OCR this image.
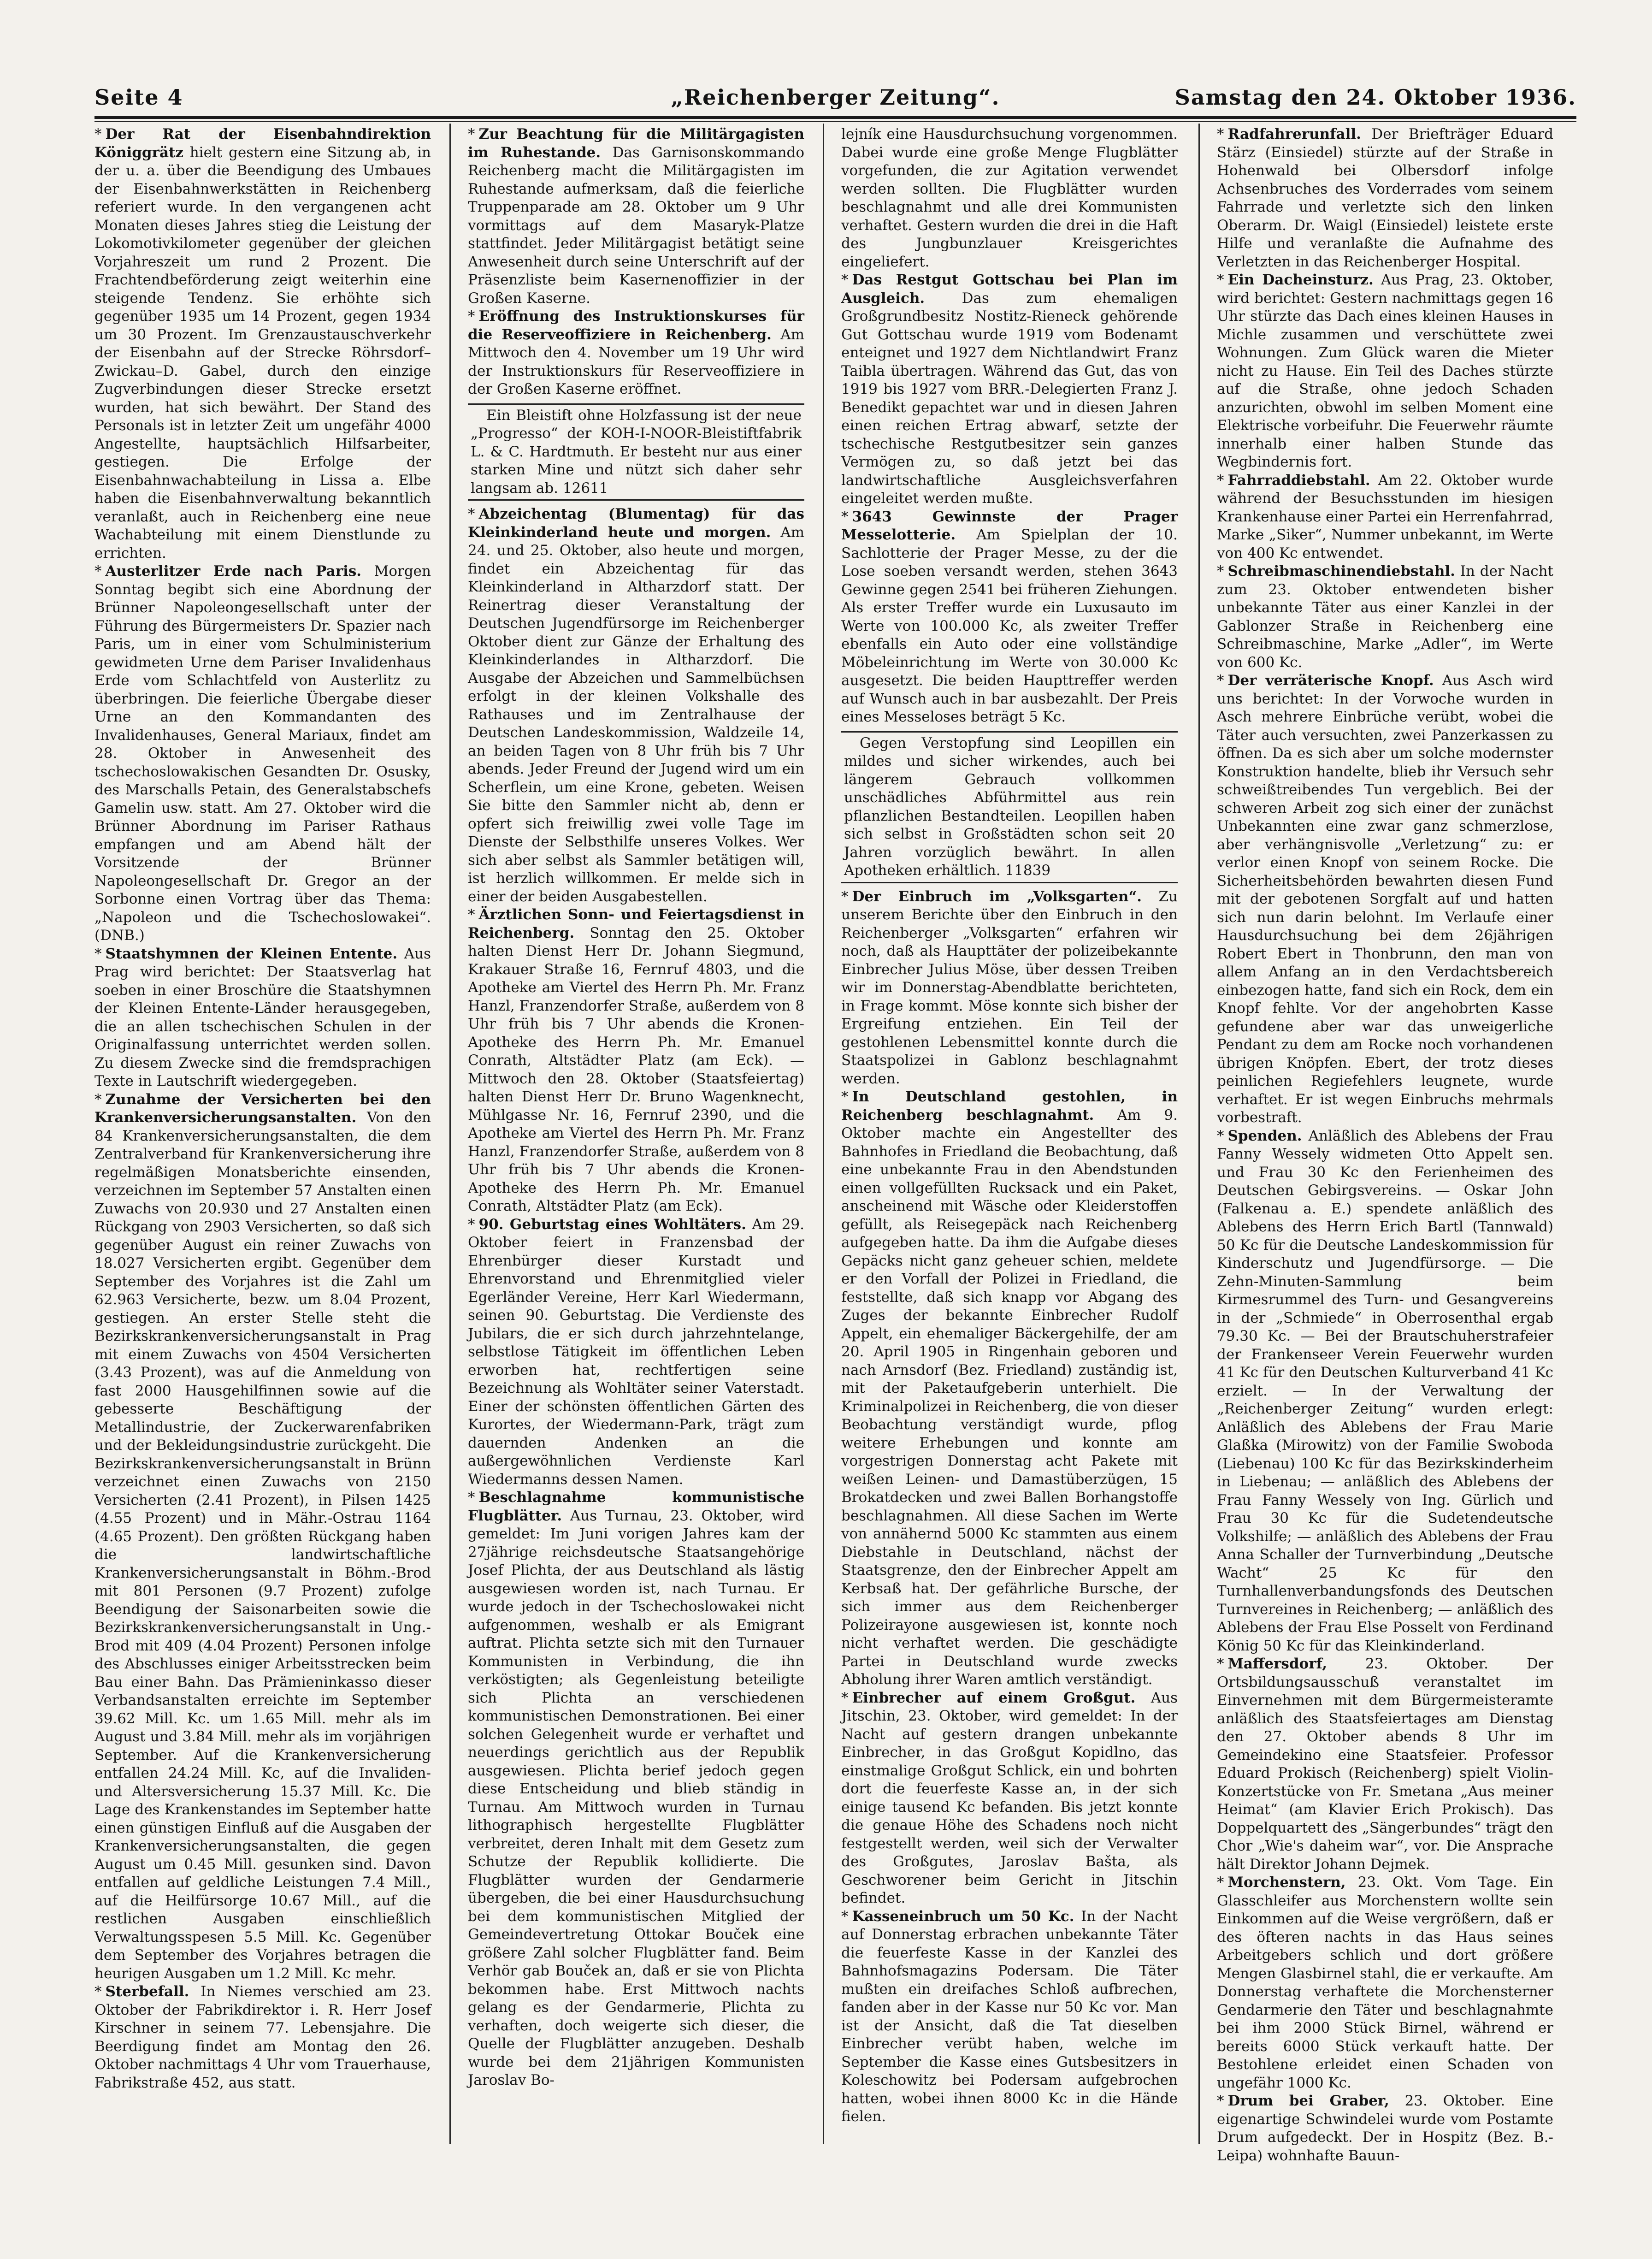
Seite 4	„Reichenberger Zeitung“.	Samstag den 24. Oktober 1936.

* Der Rat der Eisenbahndirektion Königgrätz hielt gestern eine Sitzung ab, in der u. a. über die Beendigung des Umbaues der Eisenbahnwerkstätten in Reichenberg referiert wurde. In den vergangenen acht Monaten dieses Jahres stieg die Leistung der Lokomotivkilometer gegenüber der gleichen Vorjahreszeit um rund 2 Prozent. Die Frachtendbeförderung zeigt weiterhin eine steigende Tendenz. Sie erhöhte sich gegenüber 1935 um 14 Prozent, gegen 1934 um 30 Prozent. Im Grenzaustauschverkehr der Eisenbahn auf der Strecke Röhrsdorf–Zwickau–D. Gabel, durch den einzige Zugverbindungen dieser Strecke ersetzt wurden, hat sich bewährt. Der Stand des Personals ist in letzter Zeit um ungefähr 4000 Angestellte, hauptsächlich Hilfsarbeiter, gestiegen. Die Erfolge der Eisenbahnwachabteilung in Lissa a. Elbe haben die Eisenbahnverwaltung bekanntlich veranlaßt, auch in Reichenberg eine neue Wachabteilung mit einem Dienstlunde zu errichten.

* Austerlitzer Erde nach Paris. Morgen Sonntag begibt sich eine Abordnung der Brünner Napoleongesellschaft unter der Führung des Bürgermeisters Dr. Spazier nach Paris, um in einer vom Schulministerium gewidmeten Urne dem Pariser Invalidenhaus Erde vom Schlachtfeld von Austerlitz zu überbringen. Die feierliche Übergabe dieser Urne an den Kommandanten des Invalidenhauses, General Mariaux, findet am 28. Oktober in Anwesenheit des tschechoslowakischen Gesandten Dr. Osusky, des Marschalls Petain, des Generalstabschefs Gamelin usw. statt. Am 27. Oktober wird die Brünner Abordnung im Pariser Rathaus empfangen und am Abend hält der Vorsitzende der Brünner Napoleongesellschaft Dr. Gregor an der Sorbonne einen Vortrag über das Thema: „Napoleon und die Tschechoslowakei“. (DNB.)

* Staatshymnen der Kleinen Entente. Aus Prag wird berichtet: Der Staatsverlag hat soeben in einer Broschüre die Staatshymnen der Kleinen Entente-Länder herausgegeben, die an allen tschechischen Schulen in der Originalfassung unterrichtet werden sollen. Zu diesem Zwecke sind die fremdsprachigen Texte in Lautschrift wiedergegeben.

* Zunahme der Versicherten bei den Krankenversicherungsanstalten. Von den 84 Krankenversicherungsanstalten, die dem Zentralverband für Krankenversicherung ihre regelmäßigen Monatsberichte einsenden, verzeichnen im September 57 Anstalten einen Zuwachs von 20.930 und 27 Anstalten einen Rückgang von 2903 Versicherten, so daß sich gegenüber August ein reiner Zuwachs von 18.027 Versicherten ergibt. Gegenüber dem September des Vorjahres ist die Zahl um 62.963 Versicherte, bezw. um 8.04 Prozent, gestiegen. An erster Stelle steht die Bezirkskrankenversicherungsanstalt in Prag mit einem Zuwachs von 4504 Versicherten (3.43 Prozent), was auf die Anmeldung von fast 2000 Hausgehilfinnen sowie auf die gebesserte Beschäftigung der Metallindustrie, der Zuckerwarenfabriken und der Bekleidungsindustrie zurückgeht. Die Bezirkskrankenversicherungsanstalt in Brünn verzeichnet einen Zuwachs von 2150 Versicherten (2.41 Prozent), in Pilsen 1425 (4.55 Prozent) und in Mähr.-Ostrau 1164 (4.65 Prozent). Den größten Rückgang haben die landwirtschaftliche Krankenversicherungsanstalt in Böhm.-Brod mit 801 Personen (9.7 Prozent) zufolge Beendigung der Saisonarbeiten sowie die Bezirkskrankenversicherungsanstalt in Ung.-Brod mit 409 (4.04 Prozent) Personen infolge des Abschlusses einiger Arbeitsstrecken beim Bau einer Bahn. Das Prämieninkasso dieser Verbandsanstalten erreichte im September 39.62 Mill. Kc. um 1.65 Mill. mehr als im August und 3.84 Mill. mehr als im vorjährigen September. Auf die Krankenversicherung entfallen 24.24 Mill. Kc, auf die Invaliden- und Altersversicherung 15.37 Mill. Kc. Die Lage des Krankenstandes im September hatte einen günstigen Einfluß auf die Ausgaben der Krankenversicherungsanstalten, die gegen August um 0.45 Mill. gesunken sind. Davon entfallen auf geldliche Leistungen 7.4 Mill., auf die Heilfürsorge 10.67 Mill., auf die restlichen Ausgaben einschließlich Verwaltungsspesen 5.5 Mill. Kc. Gegenüber dem September des Vorjahres betragen die heurigen Ausgaben um 1.2 Mill. Kc mehr.

* Sterbefall. In Niemes verschied am 23. Oktober der Fabrikdirektor i. R. Herr Josef Kirschner in seinem 77. Lebensjahre. Die Beerdigung findet am Montag den 26. Oktober nachmittags 4 Uhr vom Trauerhause, Fabrikstraße 452, aus statt.

* Zur Beachtung für die Militärgagisten im Ruhestande. Das Garnisonskommando Reichenberg macht die Militärgagisten im Ruhestande aufmerksam, daß die feierliche Truppenparade am 28. Oktober um 9 Uhr vormittags auf dem Masaryk-Platze stattfindet. Jeder Militärgagist betätigt seine Anwesenheit durch seine Unterschrift auf der Präsenzliste beim Kasernenoffizier in der Großen Kaserne.

* Eröffnung des Instruktionskurses für die Reserveoffiziere in Reichenberg. Am Mittwoch den 4. November um 19 Uhr wird der Instruktionskurs für Reserveoffiziere in der Großen Kaserne eröffnet.

Ein Bleistift ohne Holzfassung ist der neue „Progresso“ der KOH-I-NOOR-Bleistiftfabrik L. & C. Hardtmuth. Er besteht nur aus einer starken Mine und nützt sich daher sehr langsam ab. 12611

* Abzeichentag (Blumentag) für das Kleinkinderland heute und morgen. Am 24. und 25. Oktober, also heute und morgen, findet ein Abzeichentag für das Kleinkinderland in Altharzdorf statt. Der Reinertrag dieser Veranstaltung der Deutschen Jugendfürsorge im Reichenberger Oktober dient zur Gänze der Erhaltung des Kleinkinderlandes in Altharzdorf. Die Ausgabe der Abzeichen und Sammelbüchsen erfolgt in der kleinen Volkshalle des Rathauses und im Zentralhause der Deutschen Landeskommission, Waldzeile 14, an beiden Tagen von 8 Uhr früh bis 7 Uhr abends. Jeder Freund der Jugend wird um ein Scherflein, um eine Krone, gebeten. Weisen Sie bitte den Sammler nicht ab, denn er opfert sich freiwillig zwei volle Tage im Dienste der Selbsthilfe unseres Volkes. Wer sich aber selbst als Sammler betätigen will, ist herzlich willkommen. Er melde sich in einer der beiden Ausgabestellen.

* Ärztlichen Sonn- und Feiertagsdienst in Reichenberg. Sonntag den 25. Oktober halten Dienst Herr Dr. Johann Siegmund, Krakauer Straße 16, Fernruf 4803, und die Apotheke am Viertel des Herrn Ph. Mr. Franz Hanzl, Franzendorfer Straße, außerdem von 8 Uhr früh bis 7 Uhr abends die Kronen-Apotheke des Herrn Ph. Mr. Emanuel Conrath, Altstädter Platz (am Eck). — Mittwoch den 28. Oktober (Staatsfeiertag) halten Dienst Herr Dr. Bruno Wagenknecht, Mühlgasse Nr. 16, Fernruf 2390, und die Apotheke am Viertel des Herrn Ph. Mr. Franz Hanzl, Franzendorfer Straße, außerdem von 8 Uhr früh bis 7 Uhr abends die Kronen-Apotheke des Herrn Ph. Mr. Emanuel Conrath, Altstädter Platz (am Eck).

* 90. Geburtstag eines Wohltäters. Am 29. Oktober feiert in Franzensbad der Ehrenbürger dieser Kurstadt und Ehrenvorstand und Ehrenmitglied vieler Egerländer Vereine, Herr Karl Wiedermann, seinen 90. Geburtstag. Die Verdienste des Jubilars, die er sich durch jahrzehntelange, selbstlose Tätigkeit im öffentlichen Leben erworben hat, rechtfertigen seine Bezeichnung als Wohltäter seiner Vaterstadt. Einer der schönsten öffentlichen Gärten des Kurortes, der Wiedermann-Park, trägt zum dauernden Andenken an die außergewöhnlichen Verdienste Karl Wiedermanns dessen Namen.

* Beschlagnahme kommunistische Flugblätter. Aus Turnau, 23. Oktober, wird gemeldet: Im Juni vorigen Jahres kam der 27jährige reichsdeutsche Staatsangehörige Josef Plichta, der aus Deutschland als lästig ausgewiesen worden ist, nach Turnau. Er wurde jedoch in der Tschechoslowakei nicht aufgenommen, weshalb er als Emigrant auftrat. Plichta setzte sich mit den Turnauer Kommunisten in Verbindung, die ihn verköstigten; als Gegenleistung beteiligte sich Plichta an verschiedenen kommunistischen Demonstrationen. Bei einer solchen Gelegenheit wurde er verhaftet und neuerdings gerichtlich aus der Republik ausgewiesen. Plichta berief jedoch gegen diese Entscheidung und blieb ständig in Turnau. Am Mittwoch wurden in Turnau lithographisch hergestellte Flugblätter verbreitet, deren Inhalt mit dem Gesetz zum Schutze der Republik kollidierte. Die Flugblätter wurden der Gendarmerie übergeben, die bei einer Hausdurchsuchung bei dem kommunistischen Mitglied der Gemeindevertretung Ottokar Bouček eine größere Zahl solcher Flugblätter fand. Beim Verhör gab Bouček an, daß er sie von Plichta bekommen habe. Erst Mittwoch nachts gelang es der Gendarmerie, Plichta zu verhaften, doch weigerte sich dieser, die Quelle der Flugblätter anzugeben. Deshalb wurde bei dem 21jährigen Kommunisten Jaroslav Bo-

lejník eine Hausdurchsuchung vorgenommen. Dabei wurde eine große Menge Flugblätter vorgefunden, die zur Agitation verwendet werden sollten. Die Flugblätter wurden beschlagnahmt und alle drei Kommunisten verhaftet. Gestern wurden die drei in die Haft des Jungbunzlauer Kreisgerichtes eingeliefert.

* Das Restgut Gottschau bei Plan im Ausgleich.	Das zum ehemaligen Großgrundbesitz Nostitz-Rieneck gehörende Gut Gottschau wurde 1919 vom Bodenamt enteignet und 1927 dem Nichtlandwirt Franz Taibla übertragen. Während das Gut, das von 1919 bis 1927 vom BRR.-Delegierten Franz J. Benedikt gepachtet war und in diesen Jahren einen reichen Ertrag abwarf, setzte der tschechische Restgutbesitzer sein ganzes Vermögen zu, so daß jetzt bei das landwirtschaftliche Ausgleichsverfahren eingeleitet werden mußte.

* 3643 Gewinnste der Prager Messelotterie. Am Spielplan der 10. Sachlotterie der Prager Messe, zu der die Lose soeben versandt werden, stehen 3643 Gewinne gegen 2541 bei früheren Ziehungen. Als erster Treffer wurde ein Luxusauto im Werte von 100.000 Kc, als zweiter Treffer ebenfalls ein Auto oder eine vollständige Möbeleinrichtung im Werte von 30.000 Kc ausgesetzt. Die beiden Haupttreffer werden auf Wunsch auch in bar ausbezahlt. Der Preis eines Messeloses beträgt 5 Kc.

Gegen Verstopfung sind Leopillen ein mildes und sicher wirkendes, auch bei längerem Gebrauch vollkommen unschädliches Abführmittel aus rein pflanzlichen Bestandteilen. Leopillen haben sich selbst in Großstädten schon seit 20 Jahren vorzüglich bewährt. In allen Apotheken erhältlich. 11839

* Der Einbruch im „Volksgarten“. Zu unserem Berichte über den Einbruch in den Reichenberger „Volksgarten“ erfahren wir noch, daß als Haupttäter der polizeibekannte Einbrecher Julius Möse, über dessen Treiben wir im Donnerstag-Abendblatte berichteten, in Frage kommt. Möse konnte sich bisher der Ergreifung entziehen. Ein Teil der gestohlenen Lebensmittel konnte durch die Staatspolizei in Gablonz beschlagnahmt werden.

* In Deutschland gestohlen, in Reichenberg beschlagnahmt. Am 9. Oktober machte ein Angestellter des Bahnhofes in Friedland die Beobachtung, daß eine unbekannte Frau in den Abendstunden einen vollgefüllten Rucksack und ein Paket, anscheinend mit Wäsche oder Kleiderstoffen gefüllt, als Reisegepäck nach Reichenberg aufgegeben hatte. Da ihm die Aufgabe dieses Gepäcks nicht ganz geheuer schien, meldete er den Vorfall der Polizei in Friedland, die feststellte, daß sich knapp vor Abgang des Zuges der bekannte Einbrecher Rudolf Appelt, ein ehemaliger Bäckergehilfe, der am 20. April 1905 in Ringenhain geboren und nach Arnsdorf (Bez. Friedland) zuständig ist, mit der Paketaufgeberin unterhielt. Die Kriminalpolizei in Reichenberg, die von dieser Beobachtung verständigt wurde, pflog weitere Erhebungen und konnte am vorgestrigen Donnerstag acht Pakete mit weißen Leinen- und Damastüberzügen, 15 Brokatdecken und zwei Ballen Borhangstoffe beschlagnahmen. All diese Sachen im Werte von annähernd 5000 Kc stammten aus einem Diebstahle in Deutschland, nächst der Staatsgrenze, den der Einbrecher Appelt am Kerbsaß hat. Der gefährliche Bursche, der sich immer aus dem Reichenberger Polizeirayone ausgewiesen ist, konnte noch nicht verhaftet werden. Die geschädigte Partei in Deutschland wurde zwecks Abholung ihrer Waren amtlich verständigt.

* Einbrecher auf einem Großgut. Aus Jitschin, 23. Oktober, wird gemeldet: In der Nacht auf gestern drangen unbekannte Einbrecher, in das Großgut Kopidlno, das einstmalige Großgut Schlick, ein und bohrten dort die feuerfeste Kasse an, in der sich einige tausend Kc befanden. Bis jetzt konnte die genaue Höhe des Schadens noch nicht festgestellt werden, weil sich der Verwalter des Großgutes, Jaroslav Bašta, als Geschworener beim Gericht in Jitschin befindet.

* Kasseneinbruch um 50 Kc. In der Nacht auf Donnerstag erbrachen unbekannte Täter die feuerfeste Kasse in der Kanzlei des Bahnhofsmagazins Podersam. Die Täter mußten ein dreifaches Schloß aufbrechen, fanden aber in der Kasse nur 50 Kc vor. Man ist der Ansicht, daß die Tat dieselben Einbrecher verübt haben, welche im September die Kasse eines Gutsbesitzers in Koleschowitz bei Podersam aufgebrochen hatten, wobei ihnen 8000 Kc in die Hände fielen.

* Radfahrerunfall. Der Briefträger Eduard Stärz (Einsiedel) stürzte auf der Straße in Hohenwald bei Olbersdorf infolge Achsenbruches des Vorderrades vom seinem Fahrrade und verletzte sich den linken Oberarm. Dr. Waigl (Einsiedel) leistete erste Hilfe und veranlaßte die Aufnahme des Verletzten in das Reichenberger Hospital.

* Ein Dacheinsturz. Aus Prag, 23. Oktober, wird berichtet: Gestern nachmittags gegen 16 Uhr stürzte das Dach eines kleinen Hauses in Michle zusammen und verschüttete zwei Wohnungen. Zum Glück waren die Mieter nicht zu Hause. Ein Teil des Daches stürzte auf die Straße, ohne jedoch Schaden anzurichten, obwohl im selben Moment eine Elektrische vorbeifuhr. Die Feuerwehr räumte innerhalb einer halben Stunde das Wegbindernis fort.

* Fahrraddiebstahl. Am 22. Oktober wurde während der Besuchsstunden im hiesigen Krankenhause einer Partei ein Herrenfahrrad, Marke „Siker“, Nummer unbekannt, im Werte von 400 Kc entwendet.

* Schreibmaschinendiebstahl. In der Nacht zum 23. Oktober entwendeten bisher unbekannte Täter aus einer Kanzlei in der Gablonzer Straße in Reichenberg eine Schreibmaschine, Marke „Adler“, im Werte von 600 Kc.

* Der verräterische Knopf. Aus Asch wird uns berichtet: In der Vorwoche wurden in Asch mehrere Einbrüche verübt, wobei die Täter auch versuchten, zwei Panzerkassen zu öffnen. Da es sich aber um solche modernster Konstruktion handelte, blieb ihr Versuch sehr schweißtreibendes Tun vergeblich. Bei der schweren Arbeit zog sich einer der zunächst Unbekannten eine zwar ganz schmerzlose, aber verhängnisvolle „Verletzung“ zu: er verlor einen Knopf von seinem Rocke. Die Sicherheitsbehörden bewahrten diesen Fund mit der gebotenen Sorgfalt auf und hatten sich nun darin belohnt. Im Verlaufe einer Hausdurchsuchung bei dem 26jährigen Robert Ebert in Thonbrunn, den man von allem Anfang an in den Verdachtsbereich einbezogen hatte, fand sich ein Rock, dem ein Knopf fehlte. Vor der angehobrten Kasse gefundene aber war das unweigerliche Pendant zu dem am Rocke noch vorhandenen übrigen Knöpfen. Ebert, der trotz dieses peinlichen Regiefehlers leugnete, wurde verhaftet. Er ist wegen Einbruchs mehrmals vorbestraft.

* Spenden. Anläßlich des Ablebens der Frau Fanny Wessely widmeten Otto Appelt sen. und Frau 30 Kc den Ferienheimen des Deutschen Gebirgsvereins. — Oskar John (Falkenau a. E.) spendete anläßlich des Ablebens des Herrn Erich Bartl (Tannwald) 50 Kc für die Deutsche Landeskommission für Kinderschutz und Jugendfürsorge. — Die Zehn-Minuten-Sammlung beim Kirmesrummel des Turn- und Gesangvereins in der „Schmiede“ in Oberrosenthal ergab 79.30 Kc. — Bei der Brautschuherstrafeier der Frankenseer Verein Feuerwehr wurden 41 Kc für den Deutschen Kulturverband 41 Kc erzielt. — In der Verwaltung der „Reichenberger Zeitung“ wurden erlegt: Anläßlich des Ablebens der Frau Marie Glaßka (Mirowitz) von der Familie Swoboda (Liebenau) 100 Kc für das Bezirkskinderheim in Liebenau; — anläßlich des Ablebens der Frau Fanny Wessely von Ing. Gürlich und Frau 30 Kc für die Sudetendeutsche Volkshilfe; — anläßlich des Ablebens der Frau Anna Schaller der Turnverbindung „Deutsche Wacht“ 25 Kc für den Turnhallenverbandungsfonds des Deutschen Turnvereines in Reichenberg; — anläßlich des Ablebens der Frau Else Posselt von Ferdinand König 50 Kc für das Kleinkinderland.

* Maffersdorf,	23. Oktober. Der Ortsbildungsausschuß veranstaltet im Einvernehmen mit dem Bürgermeisteramte anläßlich des Staatsfeiertages am Dienstag den 27. Oktober abends 8 Uhr im Gemeindekino eine Staatsfeier. Professor Eduard Prokisch (Reichenberg) spielt Violin-Konzertstücke von Fr. Smetana „Aus meiner Heimat“ (am Klavier Erich Prokisch). Das Doppelquartett des „Sängerbundes“ trägt den Chor „Wie's daheim war“, vor. Die Ansprache hält Direktor Johann Dejmek.

* Morchenstern, 23. Okt. Vom Tage. Ein Glasschleifer aus Morchenstern wollte sein Einkommen auf die Weise vergrößern, daß er des öfteren nachts in das Haus seines Arbeitgebers schlich und dort größere Mengen Glasbirnel stahl, die er verkaufte. Am Donnerstag verhaftete die Morchensterner Gendarmerie den Täter und beschlagnahmte bei ihm 2000 Stück Birnel, während er bereits 6000 Stück verkauft hatte. Der Bestohlene erleidet einen Schaden von ungefähr 1000 Kc.

* Drum bei Graber, 23. Oktober. Eine eigenartige Schwindelei wurde vom Postamte Drum aufgedeckt. Der in Hospitz (Bez. B.-Leipa) wohnhafte Bauun-
